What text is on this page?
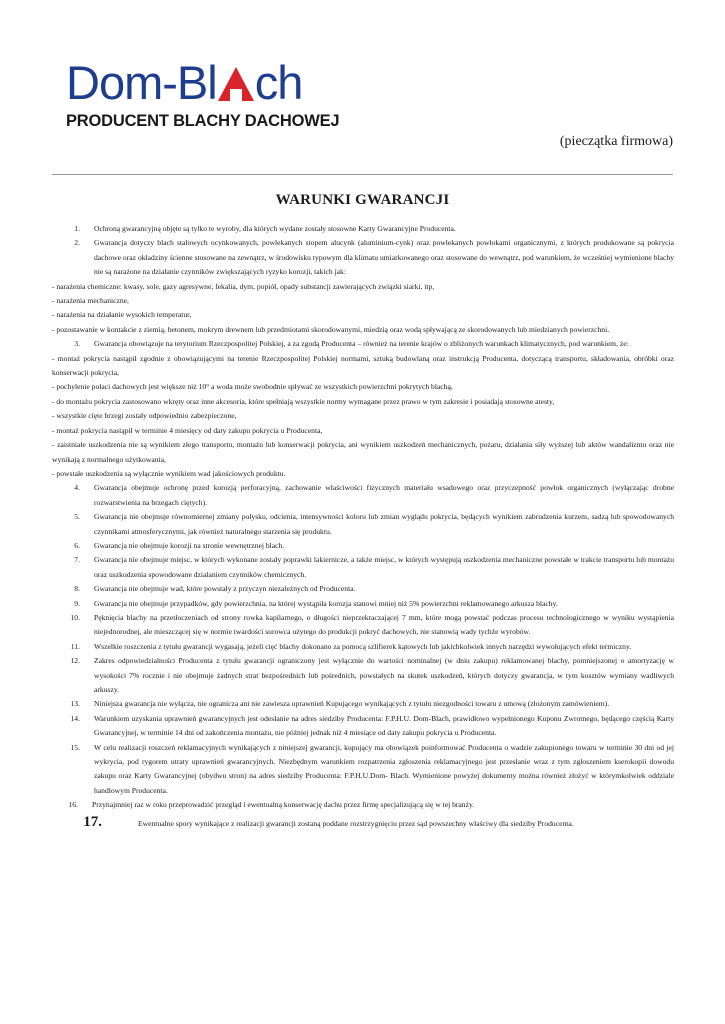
Dom-Bl ch
PRODUCENT BLACHY DACHOWEJ
(pieczątka firmowa)
WARUNKI GWARANCJI
1.	Ochroną gwarancyjną objęte są tylko te wyroby, dla których wydane zostały stosowne Karty Gwarancyjne Producenta.
2.	Gwarancja dotyczy blach stalowych ocynkowanych, powlekanych stopem alucynk (aluminium-cynk) oraz powlekanych powłokami organicznymi, z których produkowane są pokrycia dachowe oraz okładziny ścienne stosowane na zewnątrz, w środowisku typowym dla klimatu umiarkowanego oraz stosowane do wewnątrz, pod warunkiem, że wcześniej wymienione blachy nie są narażone na działanie czynników zwiększających ryzyko korozji, takich jak:
- narażenia chemiczne: kwasy, sole, gazy agresywne, fekalia, dym, popiół, opady substancji zawierających związki siarki, itp,
- narażenia mechaniczne,
- narażenia na działanie wysokich temperatur,
- pozostawanie w kontakcie z ziemią, betonem, mokrym drewnem lub przedmiotami skorodowanymi, miedzią oraz wodą spływającą ze skorodowanych lub miedzianych powierzchni.
3.	Gwarancja obowiązuje na terytorium Rzeczpospolitej Polskiej, a za zgodą Producenta – również na terenie krajów o zbliżonych warunkach klimatycznych, pod warunkiem, że:
- montaż pokrycia nastąpił zgodnie z obowiązującymi na terenie Rzeczpospolitej Polskiej normami, sztuką budowlaną oraz instrukcją Producenta, dotyczącą transportu, składowania, obróbki oraz konserwacji pokrycia,
- pochylenie połaci dachowych jest większe niż 10° a woda może swobodnie spływać ze wszystkich powierzchni pokrytych blachą,
- do montażu pokrycia zastosowano wkręty oraz inne akcesoria, które spełniają wszystkie normy wymagane przez prawo w tym zakresie i posiadają stosowne atesty,
- wszystkie cięte brzegi zostały odpowiednio zabezpieczone,
- montaż pokrycia nastąpił w terminie 4 miesięcy od daty zakupu pokrycia u Producenta,
- zaistniałe uszkodzenia nie są wynikiem złego transportu, montażu lub konserwacji pokrycia, ani wynikiem uszkodzeń mechanicznych, pożaru, działania siły wyższej lub aktów wandalizmu oraz nie wynikają z normalnego użytkowania,
- powstałe uszkodzenia są wyłącznie wynikiem wad jakościowych produktu.
4.	Gwarancja obejmuje ochronę przed korozją perforacyjną, zachowanie właściwości fizycznych materiału wsadowego oraz przyczepność powłok organicznych (wyłączając drobne rozwarstwienia na brzegach ciętych).
5.	Gwarancja nie obejmuje równomiernej zmiany połysku, odcienia, intensywności koloru lub zmian wyglądu pokrycia, będących wynikiem zabrudzenia kurzem, sadzą lub spowodowanych czynnikami atmosferycznymi, jak również naturalnego starzenia się produktu.
6.	Gwarancja nie obejmuje korozji na stronie wewnętrznej blach.
7.	Gwarancja nie obejmuje miejsc, w których wykonane zostały poprawki lakiernicze, a także miejsc, w których występują uszkodzenia mechaniczne powstałe w trakcie transportu lub montażu oraz uszkodzenia spowodowane działaniem czynników chemicznych.
8.	Gwarancja nie obejmuje wad, które powstały z przyczyn niezależnych od Producenta.
9.	Gwarancja nie obejmuje przypadków, gdy powierzchnia, na której wystąpiła korozja stanowi mniej niż 5% powierzchni reklamowanego arkusza blachy.
10.	Pęknięcia blachy na przetłoczeniach od strony rowka kapilarnego, o długości nieprzekraczającej 7 mm, które mogą powstać podczas procesu technologicznego w wyniku wystąpienia niejednorodnej, ale mieszczącej się w normie twardości surowca użytego do produkcji pokryć dachowych, nie stanowią wady tychże wyrobów.
11.	Wszelkie roszczenia z tytułu gwarancji wygasają, jeżeli cięć blachy dokonano za pomocą szlifierek kątowych lub jakichkolwiek innych narzędzi wywołujących efekt termiczny.
12.	Zakres odpowiedzialności Producenta z tytułu gwarancji ograniczony jest wyłącznie do wartości nominalnej (w dniu zakupu) reklamowanej blachy, pomniejszonej o amortyzację w wysokości 7% rocznie i nie obejmuje żadnych strat bezpośrednich lub pośrednich, powstałych na skutek uszkodzeń, których dotyczy gwarancja, w tym kosztów wymiany wadliwych arkuszy.
13.	Niniejsza gwarancja nie wyłącza, nie ogranicza ani nie zawiesza uprawnień Kupującego wynikających z tytułu niezgodności towaru z umową (złożonym zamówieniem).
14.	Warunkiem uzyskania uprawnień gwarancyjnych jest odesłanie na adres siedziby Producenta: F.P.H.U. Dom-Blach, prawidłowo wypełnionego Kuponu Zwrotnego, będącego częścią Karty Gwarancyjnej, w terminie 14 dni od zakończenia montażu, nie później jednak niż 4 miesiące od daty zakupu pokrycia u Producenta.
15.	W celu realizacji roszczeń reklamacyjnych wynikających z niniejszej gwarancji, kupujący ma obowiązek poinformować Producenta o wadzie zakupionego towaru w terminie 30 dni od jej wykrycia, pod rygorem utraty uprawnień gwarancyjnych. Niezbędnym warunkiem rozpatrzenia zgłoszenia reklamacyjnego jest przesłanie wraz z tym zgłoszeniem kserokopii dowodu zakupu oraz Karty Gwarancyjnej (obydwu stron) na adres siedziby Producenta: F.P.H.U.Dom- Blach. Wymienione powyżej dokumenty można również złożyć w którymkolwiek oddziale handlowym Producenta.
16.	Przynajmniej raz w roku przeprowadzić przegląd i ewentualną konserwację dachu przez firmę specjalizującą się w tej branży.
17.	Ewentualne spory wynikające z realizacji gwarancji zostaną poddane rozstrzygnięciu przez sąd powszechny właściwy dla siedziby Producenta.
